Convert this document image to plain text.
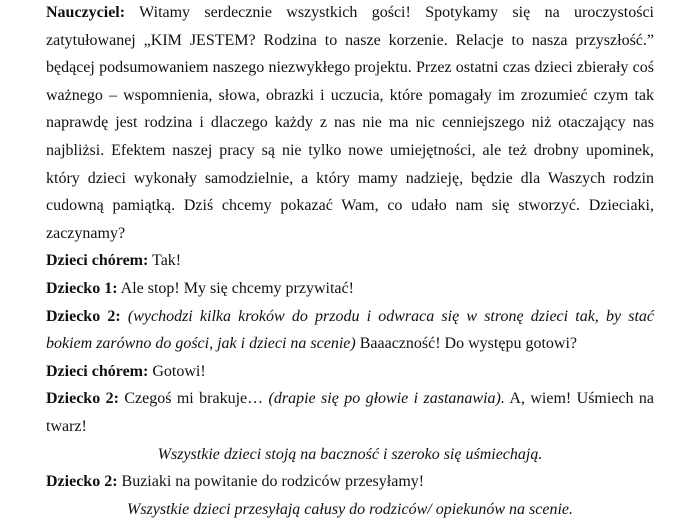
Nauczyciel: Witamy serdecznie wszystkich gości! Spotykamy się na uroczystości zatytułowanej „KIM JESTEM? Rodzina to nasze korzenie. Relacje to nasza przyszłość.” będącej podsumowaniem naszego niezwykłego projektu. Przez ostatni czas dzieci zbierały coś ważnego – wspomnienia, słowa, obrazki i uczucia, które pomagały im zrozumieć czym tak naprawdę jest rodzina i dlaczego każdy z nas nie ma nic cenniejszego niż otaczający nas najbliżsi. Efektem naszej pracy są nie tylko nowe umiejętności, ale też drobny upominek, który dzieci wykonały samodzielnie, a który mamy nadzieję, będzie dla Waszych rodzin cudowną pamiątką. Dziś chcemy pokazać Wam, co udało nam się stworzyć. Dzieciaki, zaczynamy?

Dzieci chórem: Tak!

Dziecko 1: Ale stop! My się chcemy przywitać!

Dziecko 2: (wychodzi kilka kroków do przodu i odwraca się w stronę dzieci tak, by stać bokiem zarówno do gości, jak i dzieci na scenie) Baaaczność! Do występu gotowi?

Dzieci chórem: Gotowi!

Dziecko 2: Czegoś mi brakuje… (drapie się po głowie i zastanawia). A, wiem! Uśmiech na twarz!

Wszystkie dzieci stoją na baczność i szeroko się uśmiechają.

Dziecko 2: Buziaki na powitanie do rodziców przesyłamy!

Wszystkie dzieci przesyłają całusy do rodziców/ opiekunów na scenie.
